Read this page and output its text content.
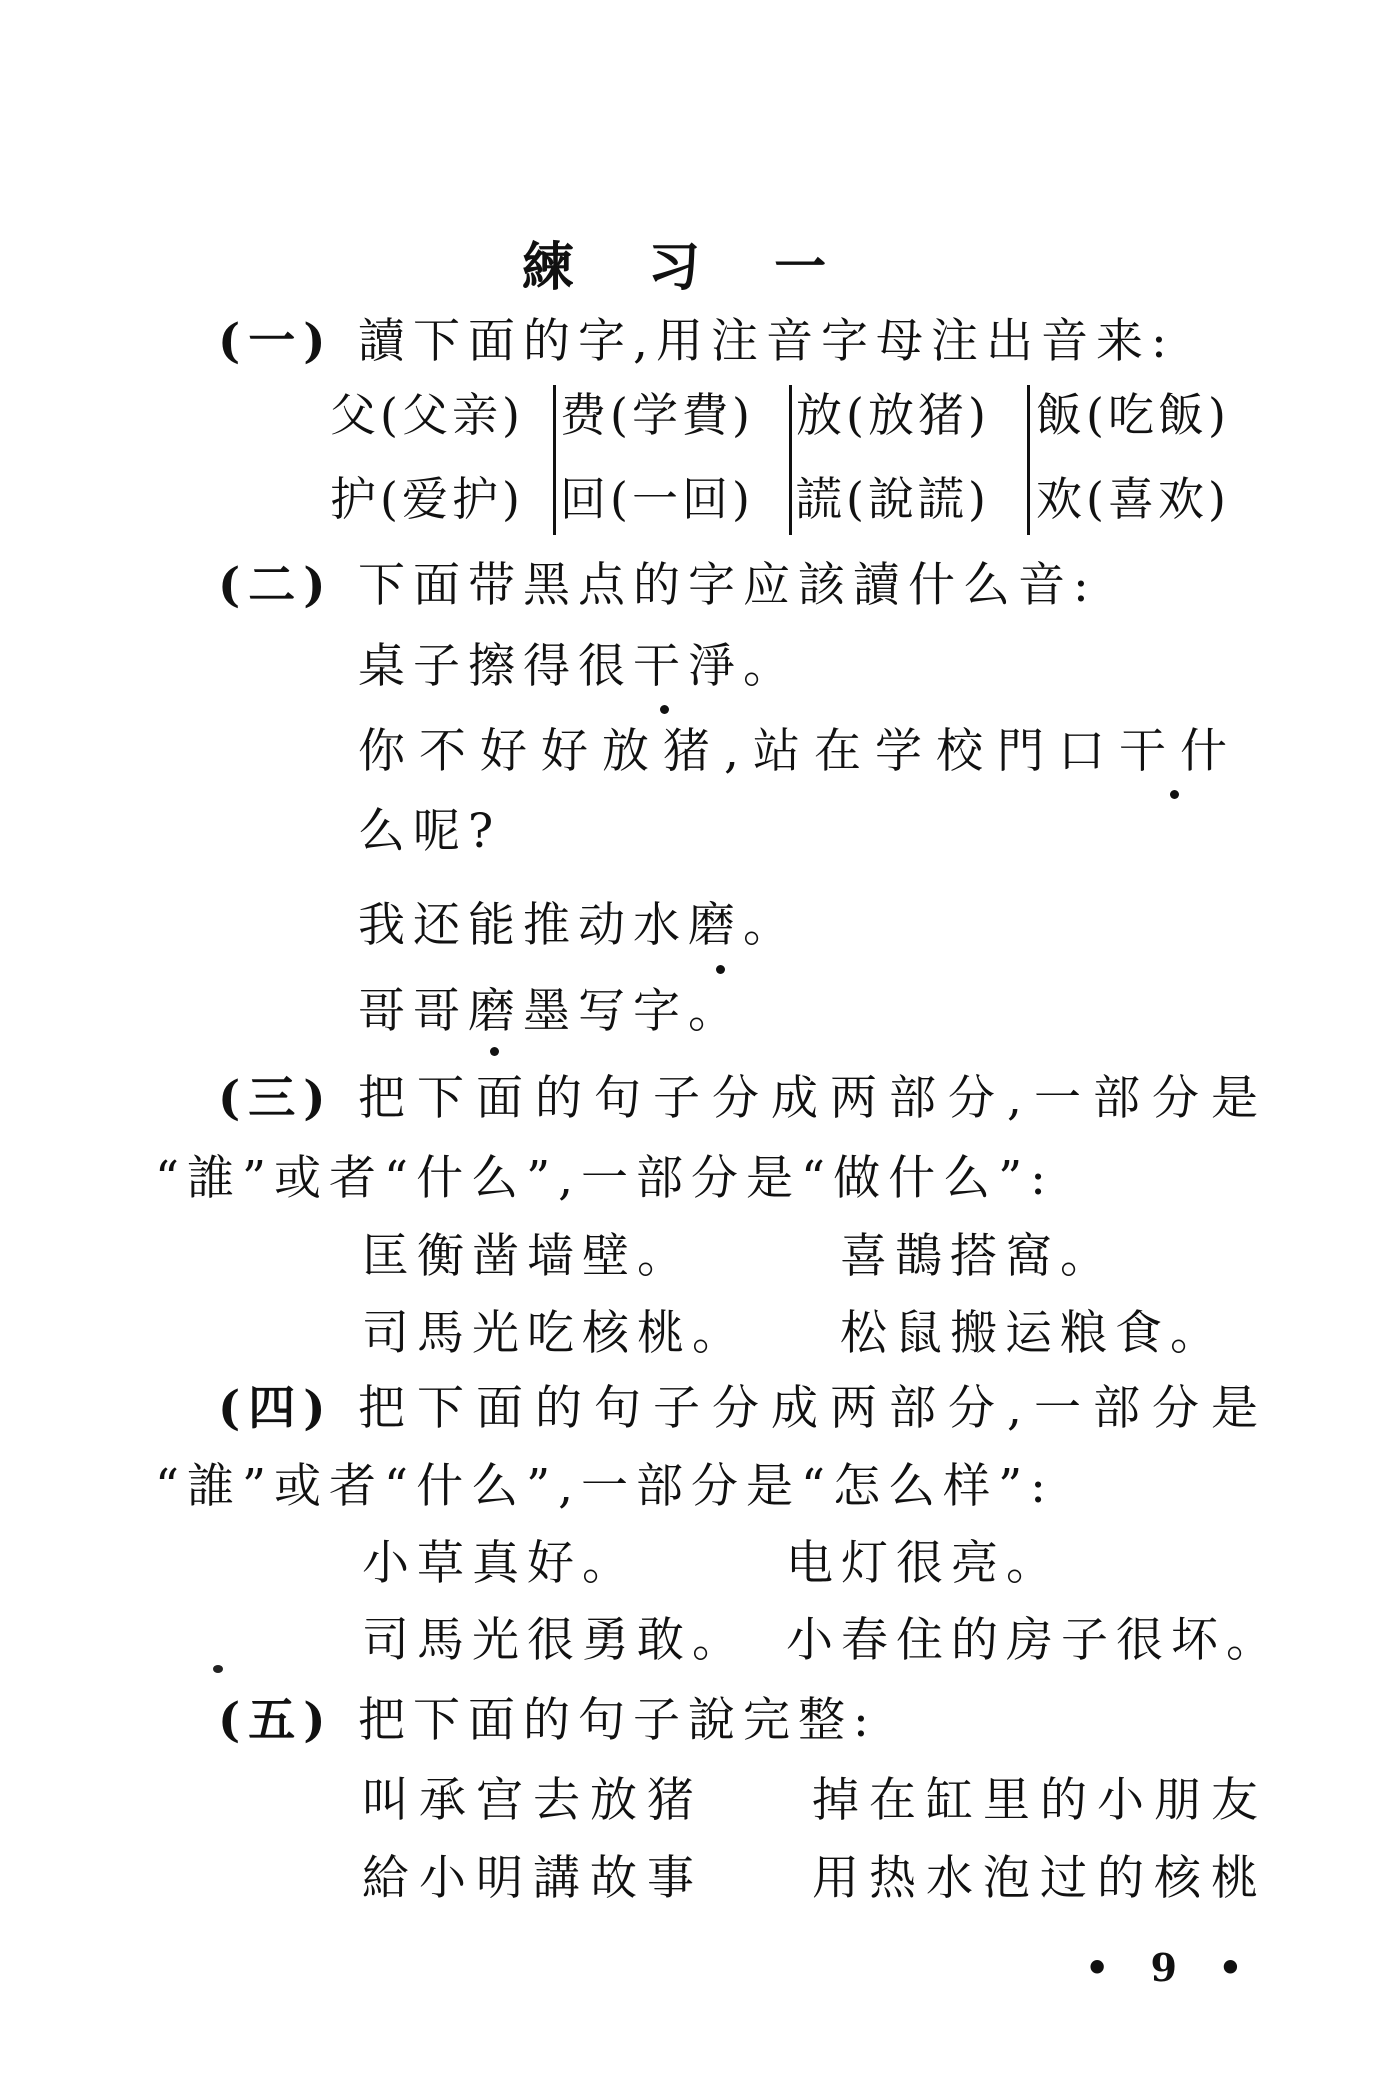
練 习 一
(一) 讀下面的字,用注音字母注出音来:
父(父亲) 费(学費) 放(放猪)	飯(吃飯)
护(爱护) 回(一回) 謊(說謊)	欢(喜欢)
(二) 下面带黑点的字应該讀什么音:
桌子擦得很干淨。
你不好好放猪,站在学校門口干什
么呢?
我还能推动水磨。
哥哥磨墨写字。
(三) 把下面的句子分成两部分,一部分是
“誰”或者“什么”,一部分是“做什么”:
匡衡凿墙壁。	喜鵲搭窩。
司馬光吃核桃。 松鼠搬运粮食。
(四) 把下面的句子分成两部分,一部分是
“誰”或者“什么”,一部分是“怎么样”:
小草真好。	电灯很亮。
司馬光很勇敢。 小春住的房子很坏。
(五) 把下面的句子說完整:
叫承宫去放猪 掉在缸里的小朋友
給小明講故事 用热水泡过的核桃
• 9 •
